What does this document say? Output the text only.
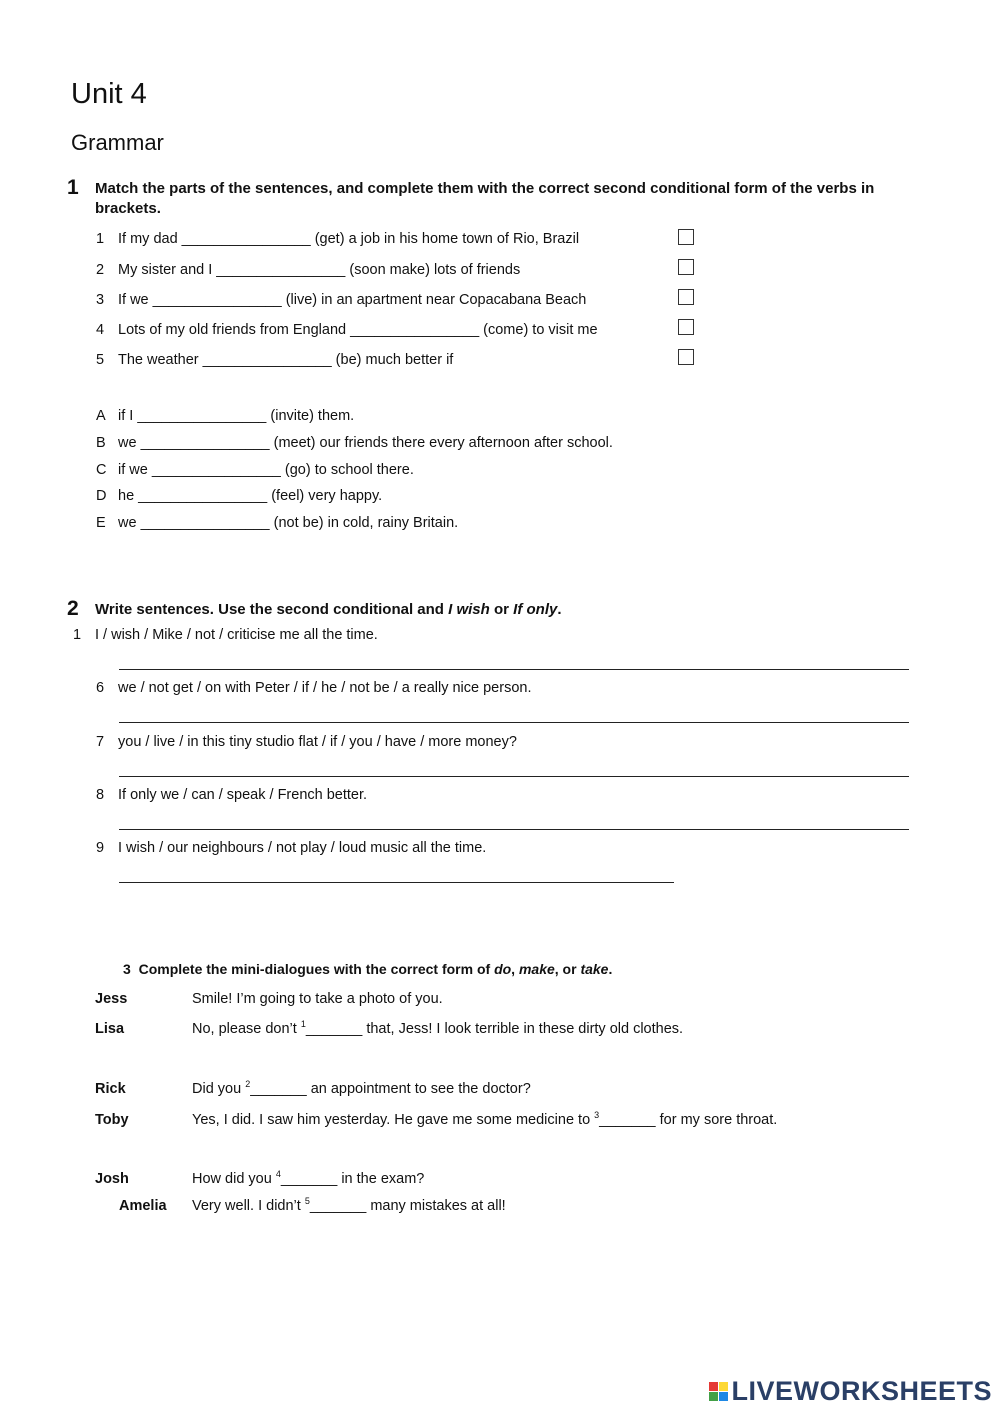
Unit 4
Grammar
1 Match the parts of the sentences, and complete them with the correct second conditional form of the verbs in brackets.
1 If my dad ________________ (get) a job in his home town of Rio, Brazil
2 My sister and I ________________ (soon make) lots of friends
3 If we ________________ (live) in an apartment near Copacabana Beach
4 Lots of my old friends from England ________________ (come) to visit me
5 The weather ________________ (be) much better if
A if I ________________ (invite) them.
B we ________________ (meet) our friends there every afternoon after school.
C if we ________________ (go) to school there.
D he ________________ (feel) very happy.
E we ________________ (not be) in cold, rainy Britain.
2 Write sentences. Use the second conditional and I wish or If only.
1 I / wish / Mike / not / criticise me all the time.
6 we / not get / on with Peter / if / he / not be / a really nice person.
7 you / live / in this tiny studio flat / if / you / have / more money?
8 If only we / can / speak / French better.
9 I wish / our neighbours / not play / loud music all the time.
3 Complete the mini-dialogues with the correct form of do, make, or take.
Jess	Smile! I’m going to take a photo of you.
Lisa	No, please don’t $^1$_______ that, Jess! I look terrible in these dirty old clothes.
Rick	Did you $^2$_______ an appointment to see the doctor?
Toby	Yes, I did. I saw him yesterday. He gave me some medicine to $^3$_______ for my sore throat.
Josh	How did you $^4$_______ in the exam?
Amelia Very well. I didn’t $^5$_______ many mistakes at all!
LIVEWORKSHEETS
